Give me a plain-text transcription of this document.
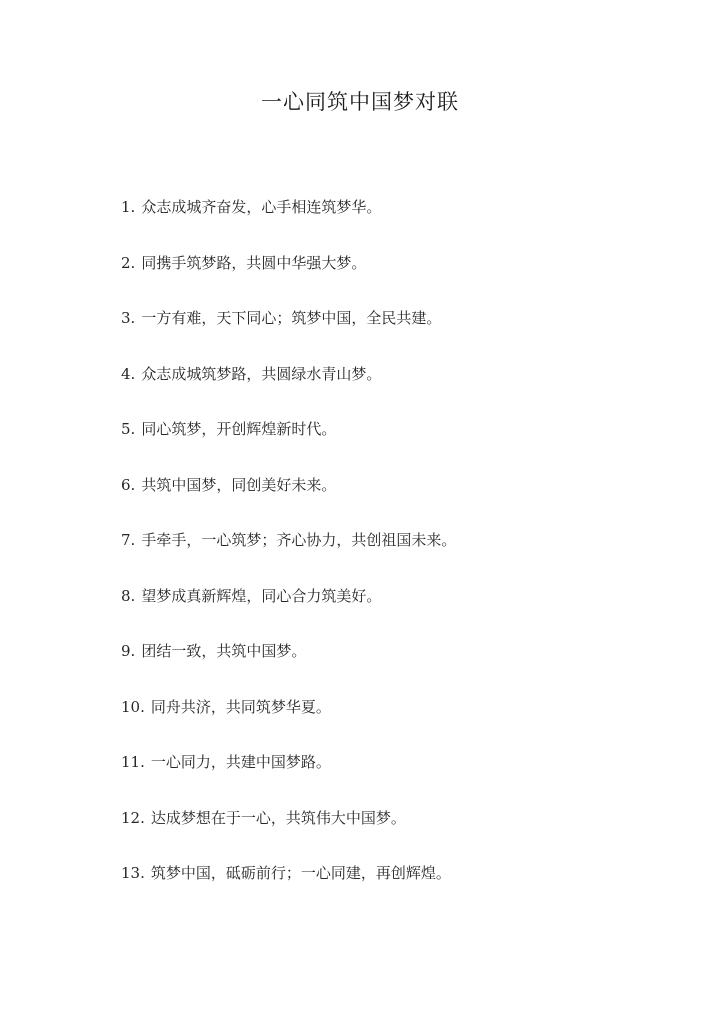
一心同筑中国梦对联
1. 众志成城齐奋发，心手相连筑梦华。
2. 同携手筑梦路，共圆中华强大梦。
3. 一方有难，天下同心；筑梦中国，全民共建。
4. 众志成城筑梦路，共圆绿水青山梦。
5. 同心筑梦，开创辉煌新时代。
6. 共筑中国梦，同创美好未来。
7. 手牵手，一心筑梦；齐心协力，共创祖国未来。
8. 望梦成真新辉煌，同心合力筑美好。
9. 团结一致，共筑中国梦。
10. 同舟共济，共同筑梦华夏。
11. 一心同力，共建中国梦路。
12. 达成梦想在于一心，共筑伟大中国梦。
13. 筑梦中国，砥砺前行；一心同建，再创辉煌。
